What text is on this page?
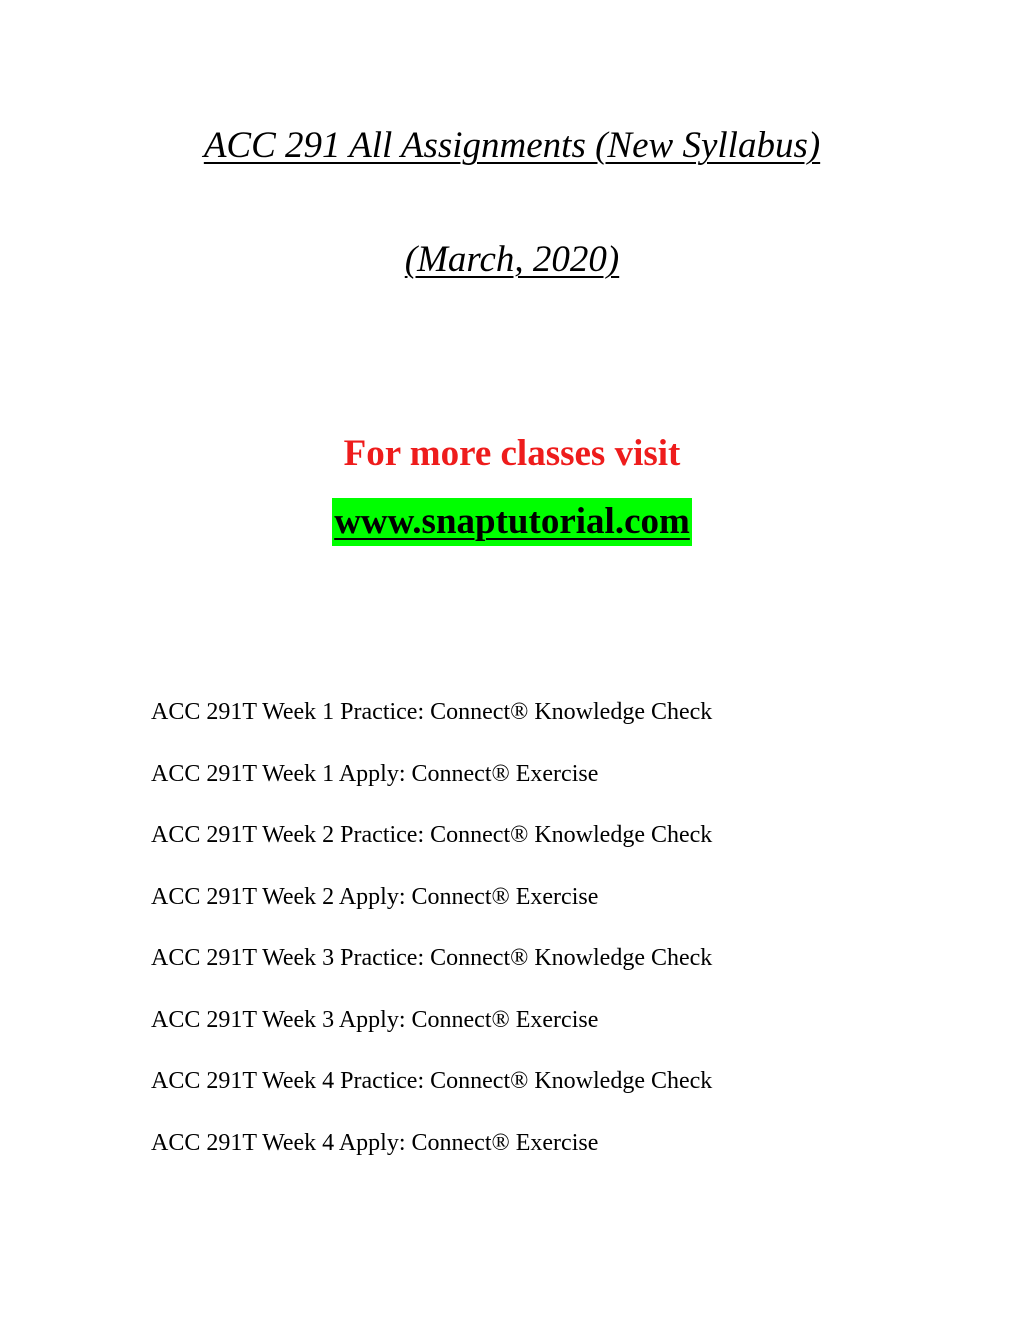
ACC 291 All Assignments (New Syllabus)
(March, 2020)
For more classes visit
www.snaptutorial.com
ACC 291T Week 1 Practice: Connect® Knowledge Check
ACC 291T Week 1 Apply: Connect® Exercise
ACC 291T Week 2 Practice: Connect® Knowledge Check
ACC 291T Week 2 Apply: Connect® Exercise
ACC 291T Week 3 Practice: Connect® Knowledge Check
ACC 291T Week 3 Apply: Connect® Exercise
ACC 291T Week 4 Practice: Connect® Knowledge Check
ACC 291T Week 4 Apply: Connect® Exercise
